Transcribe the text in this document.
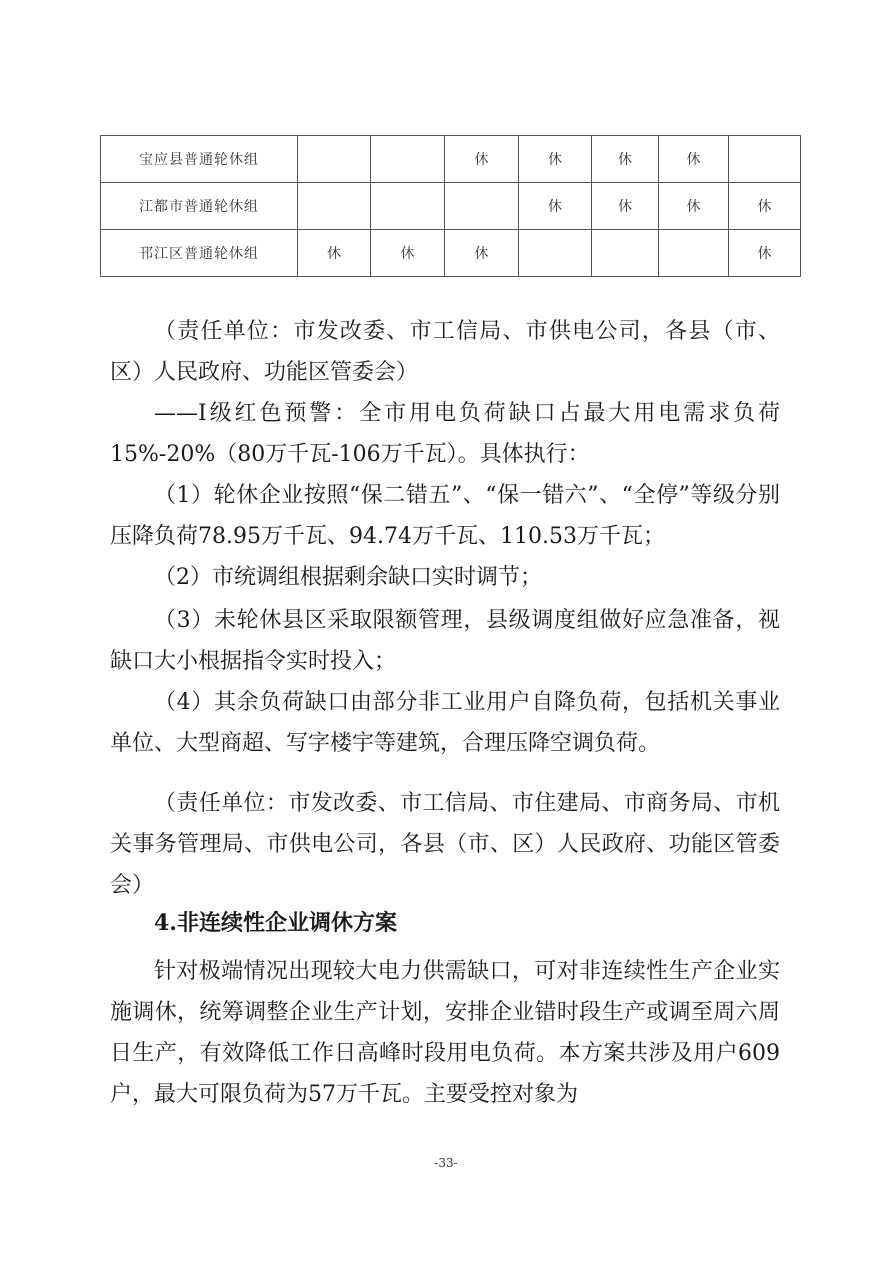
宝应县普通轮休组			休	休	休	休	
江都市普通轮休组				休	休	休	休
邗江区普通轮休组	休	休	休				休

（责任单位：市发改委、市工信局、市供电公司，各县（市、区）人民政府、功能区管委会）

——I级红色预警：全市用电负荷缺口占最大用电需求负荷15%-20%（80万千瓦-106万千瓦）。具体执行：

（1）轮休企业按照“保二错五”、“保一错六”、“全停”等级分别压降负荷78.95万千瓦、94.74万千瓦、110.53万千瓦；

（2）市统调组根据剩余缺口实时调节；

（3）未轮休县区采取限额管理，县级调度组做好应急准备，视缺口大小根据指令实时投入；

（4）其余负荷缺口由部分非工业用户自降负荷，包括机关事业单位、大型商超、写字楼宇等建筑，合理压降空调负荷。

（责任单位：市发改委、市工信局、市住建局、市商务局、市机关事务管理局、市供电公司，各县（市、区）人民政府、功能区管委会）

4.非连续性企业调休方案

针对极端情况出现较大电力供需缺口，可对非连续性生产企业实施调休，统筹调整企业生产计划，安排企业错时段生产或调至周六周日生产，有效降低工作日高峰时段用电负荷。本方案共涉及用户609户，最大可限负荷为57万千瓦。主要受控对象为

-33-
